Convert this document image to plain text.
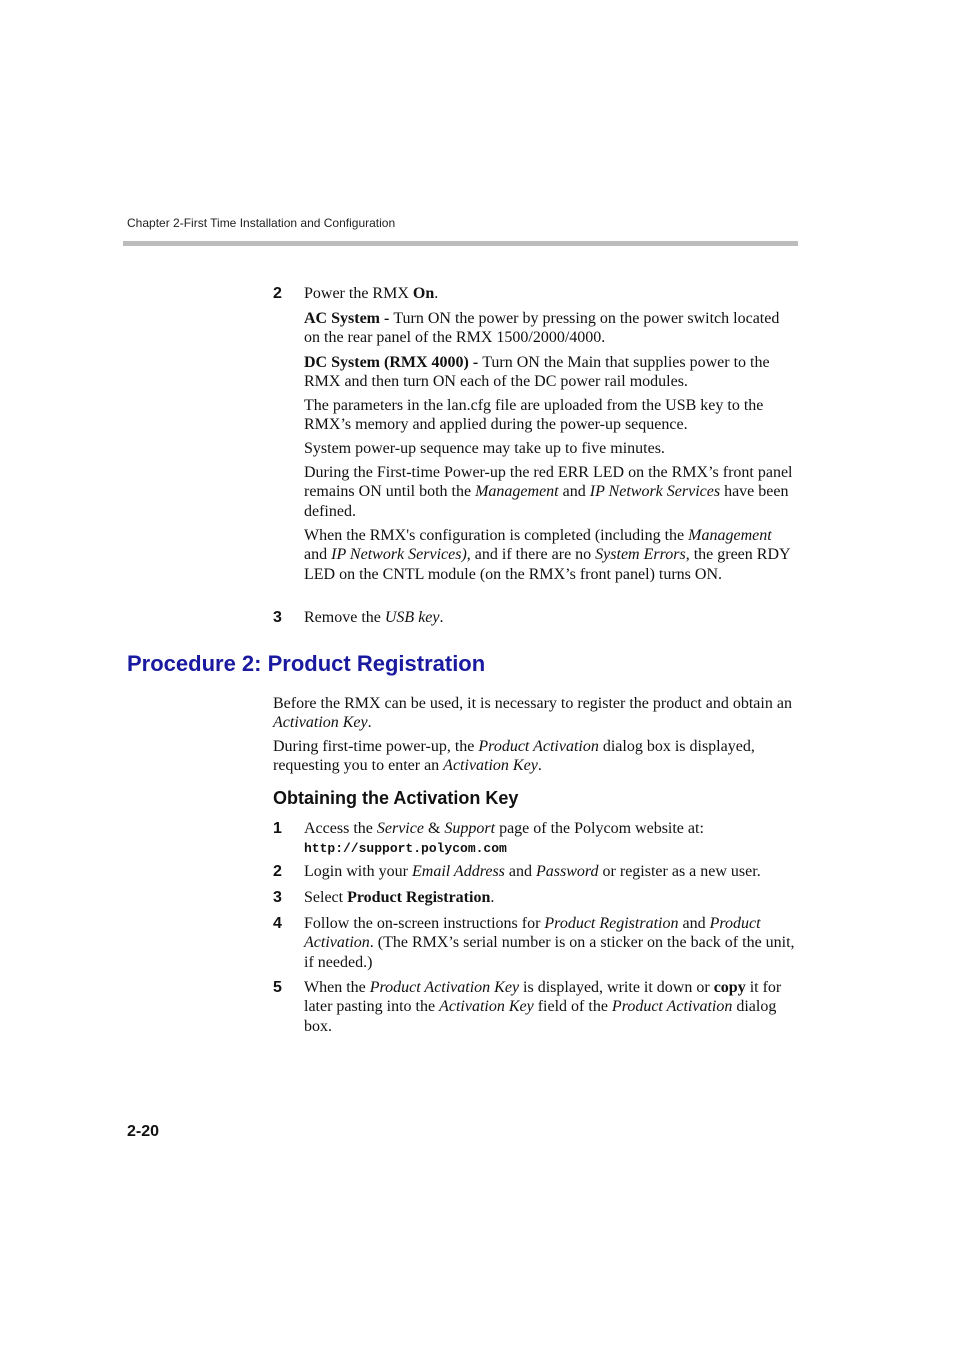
Chapter 2-First Time Installation and Configuration
2 Power the RMX On.

AC System - Turn ON the power by pressing on the power switch located on the rear panel of the RMX 1500/2000/4000.

DC System (RMX 4000) - Turn ON the Main that supplies power to the RMX and then turn ON each of the DC power rail modules.

The parameters in the lan.cfg file are uploaded from the USB key to the RMX’s memory and applied during the power-up sequence.

System power-up sequence may take up to five minutes.

During the First-time Power-up the red ERR LED on the RMX’s front panel remains ON until both the Management and IP Network Services have been defined.

When the RMX's configuration is completed (including the Management and IP Network Services), and if there are no System Errors, the green RDY LED on the CNTL module (on the RMX’s front panel) turns ON.

3 Remove the USB key.

Procedure 2: Product Registration

Before the RMX can be used, it is necessary to register the product and obtain an Activation Key.

During first-time power-up, the Product Activation dialog box is displayed, requesting you to enter an Activation Key.

Obtaining the Activation Key
1 Access the Service & Support page of the Polycom website at:
http://support.polycom.com

2 Login with your Email Address and Password or register as a new user.

3 Select Product Registration.

4 Follow the on-screen instructions for Product Registration and Product Activation. (The RMX’s serial number is on a sticker on the back of the unit, if needed.)

5 When the Product Activation Key is displayed, write it down or copy it for later pasting into the Activation Key field of the Product Activation dialog box.

2-20
